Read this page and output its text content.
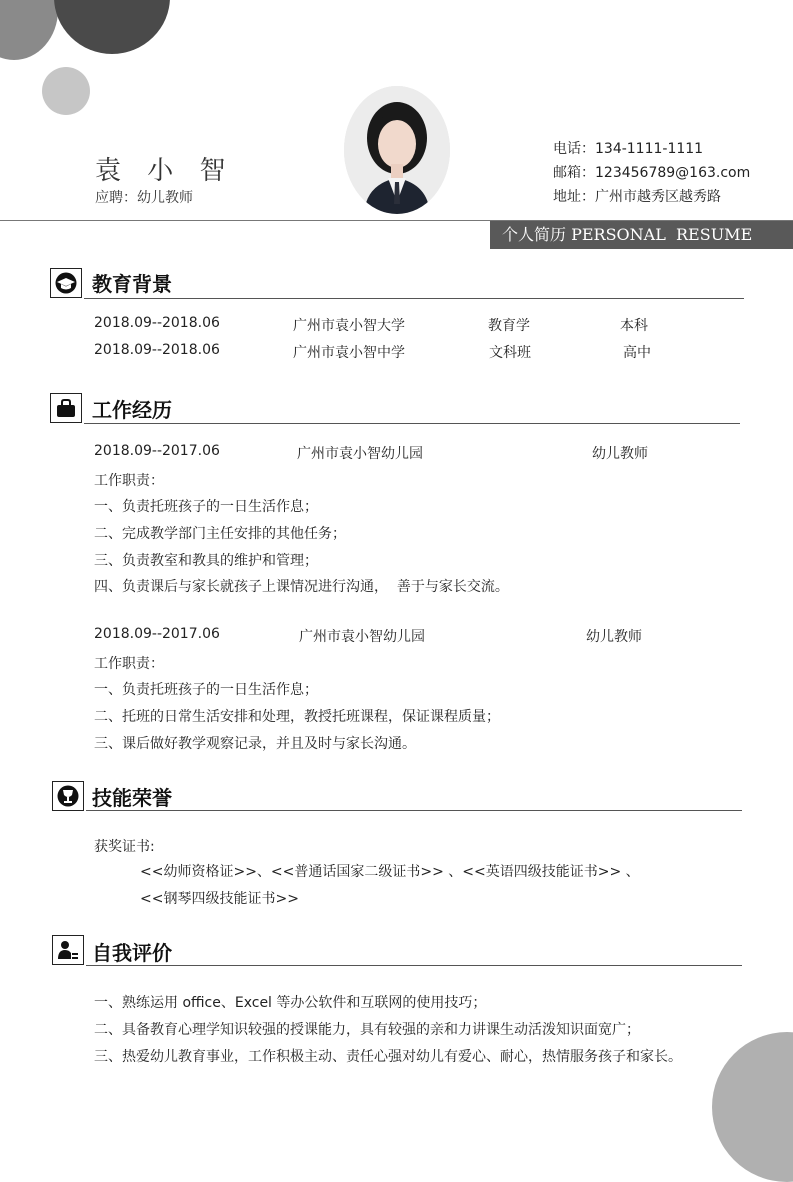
袁 小 智
应聘：幼儿教师
电话：134-1111-1111
邮箱：123456789@163.com
地址：广州市越秀区越秀路
个人简历 PERSONAL  RESUME
教育背景
2018.09--2018.06	广州市袁小智大学	教育学	本科
2018.09--2018.06	广州市袁小智中学	文科班	高中
工作经历
2018.09--2017.06	广州市袁小智幼儿园	幼儿教师
工作职责：
一、负责托班孩子的一日生活作息；
二、完成教学部门主任安排的其他任务；
三、负责教室和教具的维护和管理；
四、负责课后与家长就孩子上课情况进行沟通，  善于与家长交流。
2018.09--2017.06	广州市袁小智幼儿园	幼儿教师
工作职责：
一、负责托班孩子的一日生活作息；
二、托班的日常生活安排和处理，教授托班课程，保证课程质量；
三、课后做好教学观察记录，并且及时与家长沟通。
技能荣誉
获奖证书:
<<幼师资格证>>、<<普通话国家二级证书>> 、<<英语四级技能证书>> 、
<<钢琴四级技能证书>>
自我评价
一、熟练运用 office、Excel 等办公软件和互联网的使用技巧；
二、具备教育心理学知识较强的授课能力，具有较强的亲和力讲课生动活泼知识面宽广；
三、热爱幼儿教育事业，工作积极主动、责任心强对幼儿有爱心、耐心，热情服务孩子和家长。
